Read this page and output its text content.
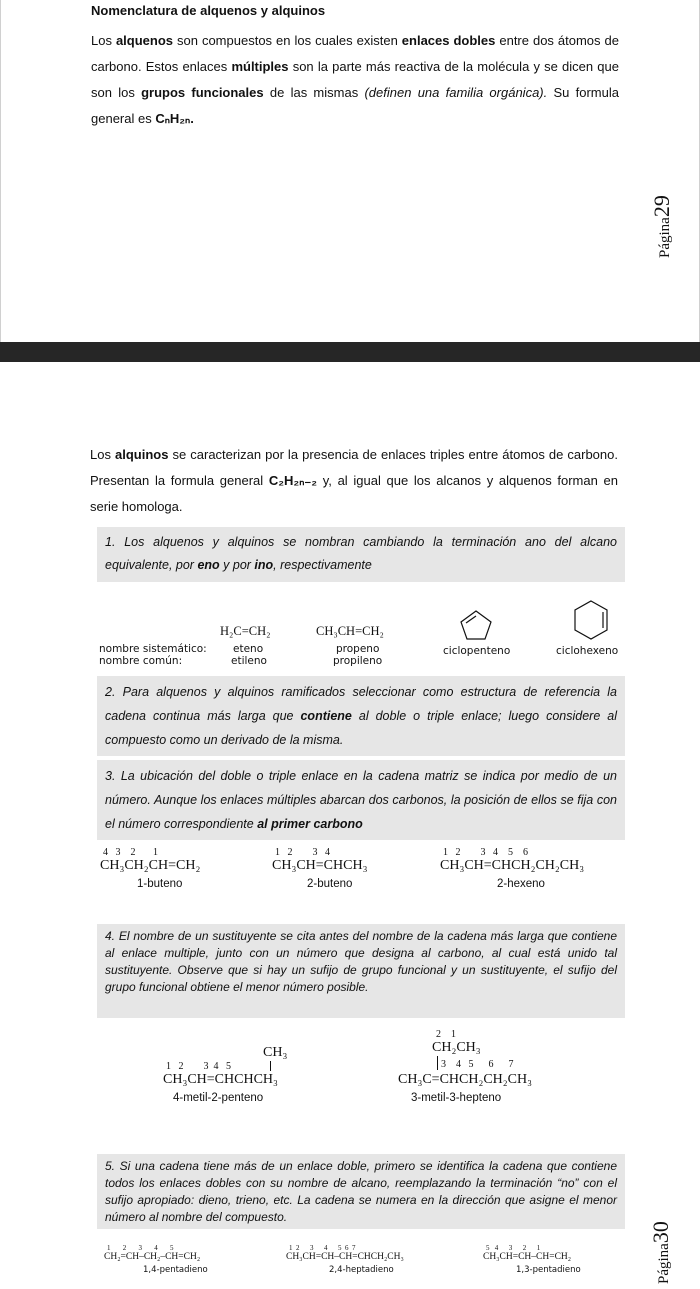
Nomenclatura de alquenos y alquinos
Los alquenos son compuestos en los cuales existen enlaces dobles entre dos átomos de carbono. Estos enlaces múltiples son la parte más reactiva de la molécula y se dicen que son los grupos funcionales de las mismas (definen una familia orgánica). Su formula general es CₙH₂ₙ.
Página29
Los alquinos se caracterizan por la presencia de enlaces triples entre átomos de carbono. Presentan la formula general C₂H₂ₙ₋₂ y, al igual que los alcanos y alquenos forman en serie homologa.
1. Los alquenos y alquinos se nombran cambiando la terminación ano del alcano equivalente, por eno y por ino, respectivamente
nombre sistemático:
nombre común:
H₂C=CH₂
eteno
etileno
CH₃CH=CH₂
propeno
propileno
ciclopenteno	ciclohexeno
2. Para alquenos y alquinos ramificados seleccionar como estructura de referencia la cadena continua más larga que contiene al doble o triple enlace; luego considere al compuesto como un derivado de la misma.
3. La ubicación del doble o triple enlace en la cadena matriz se indica por medio de un número. Aunque los enlaces múltiples abarcan dos carbonos, la posición de ellos se fija con el número correspondiente al primer carbono
4   3    2       1
CH₃CH₂CH=CH₂
1-buteno
1   2        3   4
CH₃CH=CHCH₃
2-buteno
1   2        3   4    5    6
CH₃CH=CHCH₂CH₂CH₃
2-hexeno
4. El nombre de un sustituyente se cita antes del nombre de la cadena más larga que contiene al enlace multiple, junto con un número que designa al carbono, al cual está unido tal sustituyente. Observe que si hay un sufijo de grupo funcional y un sustituyente, el sufijo del grupo funcional obtiene el menor número posible.
CH₃
1   2        3  4   5
CH₃CH=CHCHCH₃
4-metil-2-penteno
2    1
CH₂CH₃
3    4   5      6      7
CH₃C=CHCH₂CH₂CH₃
3-metil-3-hepteno
5. Si una cadena tiene más de un enlace doble, primero se identifica la cadena que contiene todos los enlaces dobles con su nombre de alcano, reemplazando la terminación “no” con el sufijo apropiado: dieno, trieno, etc. La cadena se numera en la dirección que asigne el menor número al nombre del compuesto.
1       2       3       4       5
CH₂=CH–CH₂–CH=CH₂
1,4-pentadieno
1  2      3      4      5  6  7
CH₃CH=CH–CH=CHCH₂CH₃
2,4-heptadieno
5   4      3      2      1
CH₃CH=CH–CH=CH₂
1,3-pentadieno	Página30
